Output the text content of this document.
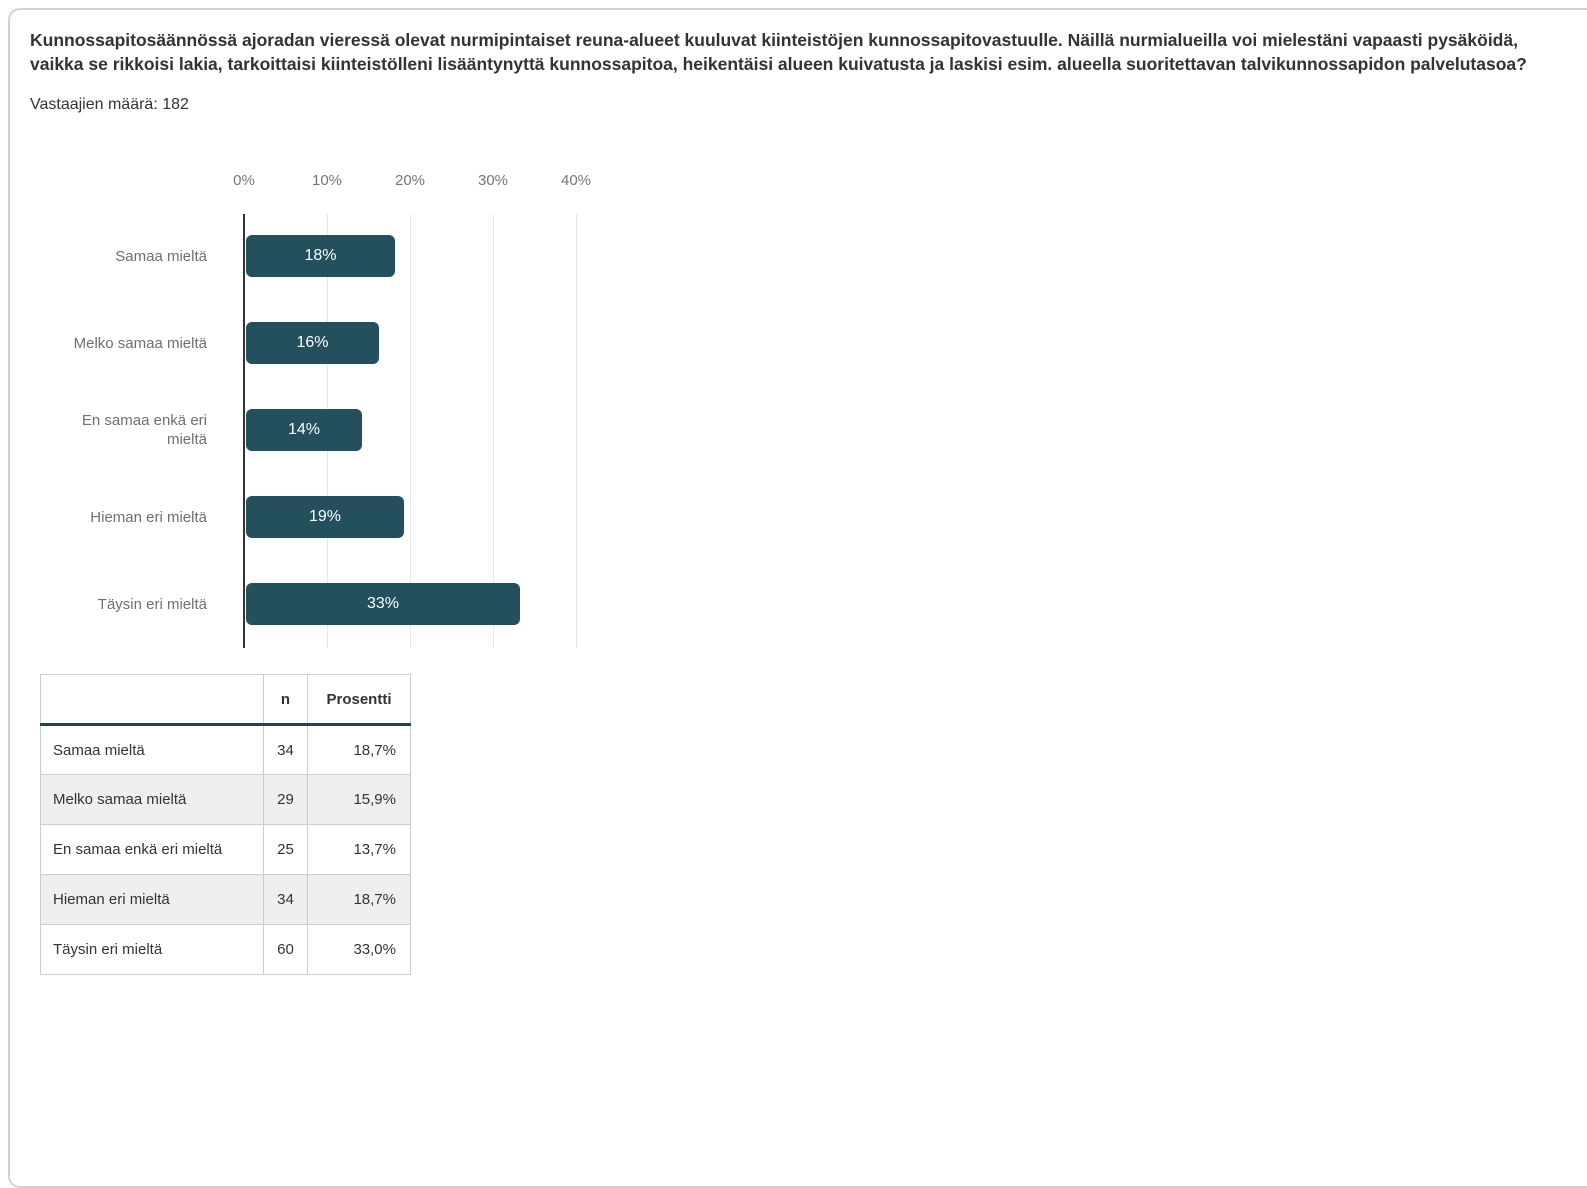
Kunnossapitosäännössä ajoradan vieressä olevat nurmipintaiset reuna-alueet kuuluvat kiinteistöjen kunnossapitovastuulle. Näillä nurmialueilla voi mielestäni vapaasti pysäköidä, vaikka se rikkoisi lakia, tarkoittaisi kiinteistölleni lisääntynyttä kunnossapitoa, heikentäisi alueen kuivatusta ja laskisi esim. alueella suoritettavan talvikunnossapidon palvelutasoa?
Vastaajien määrä: 182
0%	10%	20%	30%	40%
Samaa mieltä	18%
Melko samaa mieltä	16%
En samaa enkä eri mieltä
14%
Hieman eri mieltä	19%
Täysin eri mieltä	33%
	n	Prosentti
Samaa mieltä	34	18,7%
Melko samaa mieltä	29	15,9%
En samaa enkä eri mieltä	25	13,7%
Hieman eri mieltä	34	18,7%
Täysin eri mieltä	60	33,0%
